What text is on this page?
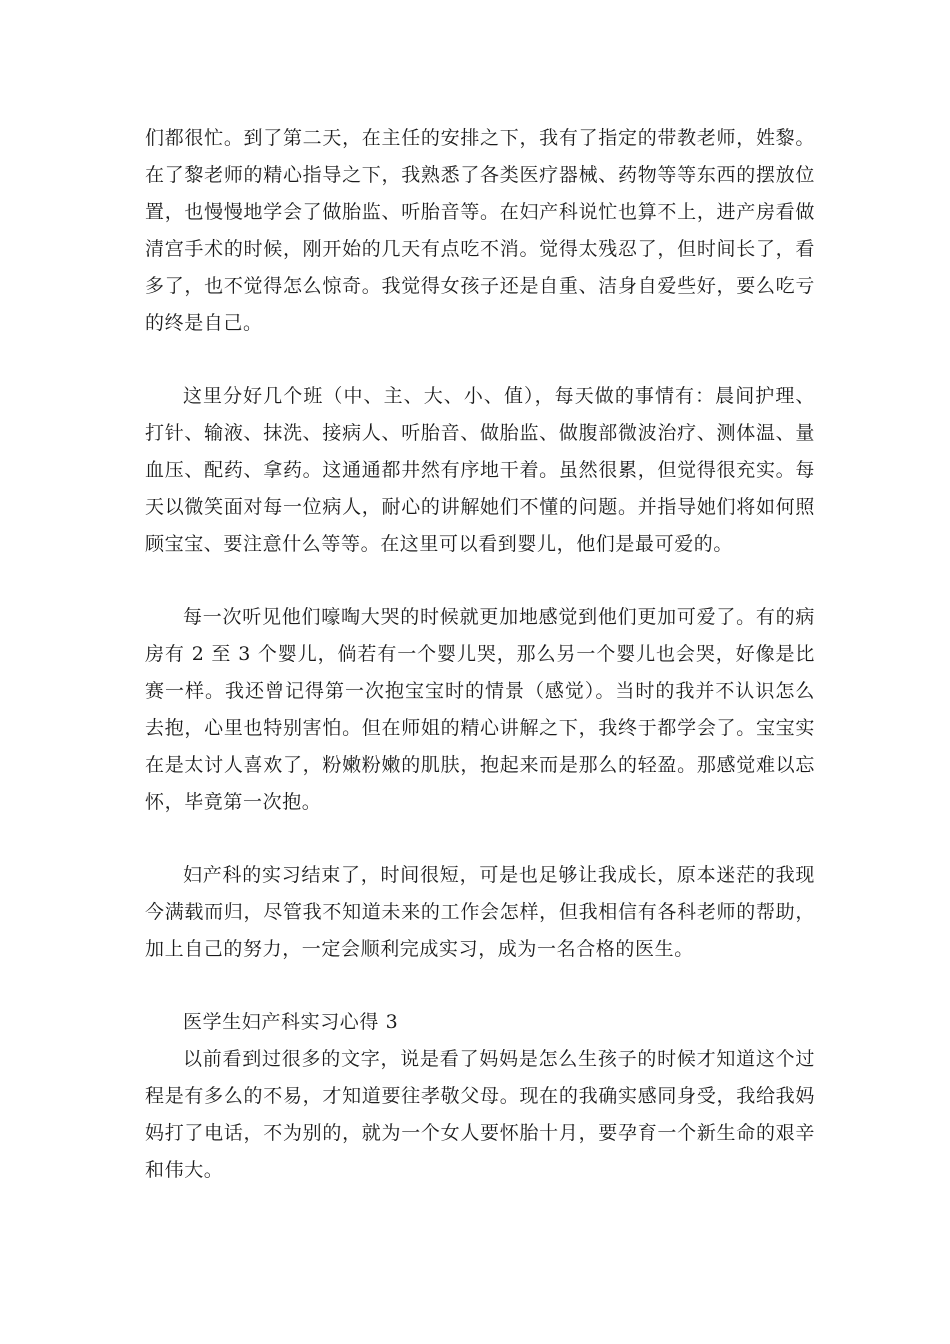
们都很忙。到了第二天，在主任的安排之下，我有了指定的带教老师，姓黎。在了黎老师的精心指导之下，我熟悉了各类医疗器械、药物等等东西的摆放位置，也慢慢地学会了做胎监、听胎音等。在妇产科说忙也算不上，进产房看做清宫手术的时候，刚开始的几天有点吃不消。觉得太残忍了，但时间长了，看多了，也不觉得怎么惊奇。我觉得女孩子还是自重、洁身自爱些好，要么吃亏的终是自己。

这里分好几个班（中、主、大、小、值），每天做的事情有：晨间护理、打针、输液、抹洗、接病人、听胎音、做胎监、做腹部微波治疗、测体温、量血压、配药、拿药。这通通都井然有序地干着。虽然很累，但觉得很充实。每天以微笑面对每一位病人，耐心的讲解她们不懂的问题。并指导她们将如何照顾宝宝、要注意什么等等。在这里可以看到婴儿，他们是最可爱的。

每一次听见他们嚎啕大哭的时候就更加地感觉到他们更加可爱了。有的病房有 2 至 3 个婴儿，倘若有一个婴儿哭，那么另一个婴儿也会哭，好像是比赛一样。我还曾记得第一次抱宝宝时的情景（感觉）。当时的我并不认识怎么去抱，心里也特别害怕。但在师姐的精心讲解之下，我终于都学会了。宝宝实在是太讨人喜欢了，粉嫩粉嫩的肌肤，抱起来而是那么的轻盈。那感觉难以忘怀，毕竟第一次抱。

妇产科的实习结束了，时间很短，可是也足够让我成长，原本迷茫的我现今满载而归，尽管我不知道未来的工作会怎样，但我相信有各科老师的帮助，加上自己的努力，一定会顺利完成实习，成为一名合格的医生。

医学生妇产科实习心得 3

以前看到过很多的文字，说是看了妈妈是怎么生孩子的时候才知道这个过程是有多么的不易，才知道要往孝敬父母。现在的我确实感同身受，我给我妈妈打了电话，不为别的，就为一个女人要怀胎十月，要孕育一个新生命的艰辛和伟大。
